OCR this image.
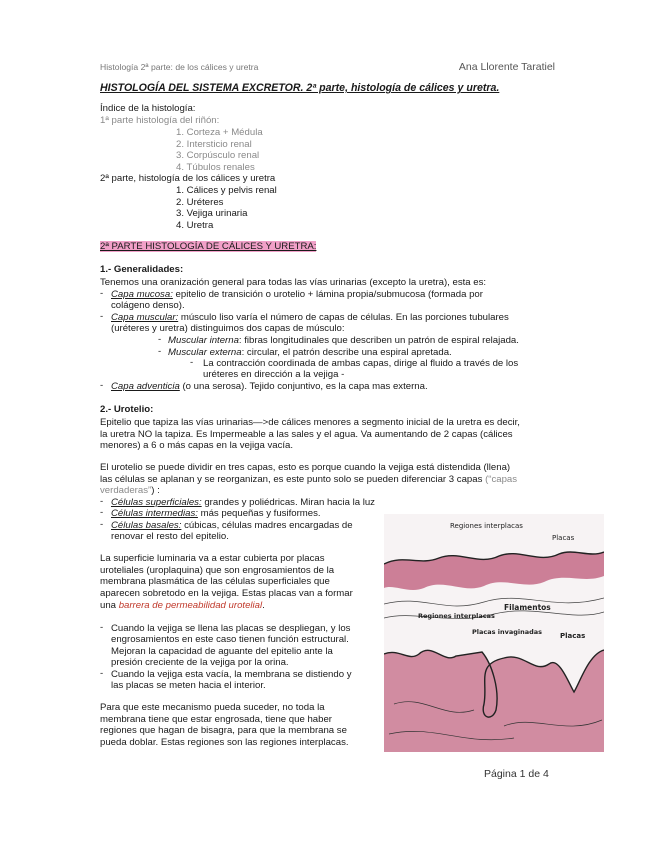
Histología 2ª parte: de los cálices y uretra	Ana Llorente Taratiel
HISTOLOGÍA DEL SISTEMA EXCRETOR. 2ª parte, histología de cálices y uretra.
Índice de la histología:
1ª parte histología del riñón:
1. Corteza + Médula
2. Intersticio renal
3. Corpúsculo renal
4. Túbulos renales
2ª parte, histología de los cálices y uretra
1. Cálices y pelvis renal
2. Uréteres
3. Vejiga urinaria
4. Uretra
2ª PARTE HISTOLOGÍA DE CÁLICES Y URETRA:
1.- Generalidades:
Tenemos una oranización general para todas las vías urinarias (excepto la uretra), esta es:
- Capa mucosa: epitelio de transición o urotelio + lámina propia/submucosa (formada por
colágeno denso).
- Capa muscular: músculo liso varía el número de capas de células. En las porciones tubulares
(uréteres y uretra) distinguimos dos capas de músculo:
- Muscular interna: fibras longitudinales que describen un patrón de espiral relajada.
- Muscular externa: circular, el patrón describe una espiral apretada.
- La contracción coordinada de ambas capas, dirige al fluido a través de los
uréteres en dirección a la vejiga -
- Capa adventicia (o una serosa). Tejido conjuntivo, es la capa mas externa.
2.- Urotelio:
Epitelio que tapiza las vías urinarias—>de cálices menores a segmento inicial de la uretra es decir,
la uretra NO la tapiza. Es Impermeable a las sales y el agua. Va aumentando de 2 capas (cálices
menores) a 6 o más capas en la vejiga vacía.
El urotelio se puede dividir en tres capas, esto es porque cuando la vejiga está distendida (llena)
las células se aplanan y se reorganizan, es este punto solo se pueden diferenciar 3 capas (“capas
verdaderas”) :
- Células superficiales: grandes y poliédricas. Miran hacia la luz
- Células intermedias: más pequeñas y fusiformes.
- Células basales: cúbicas, células madres encargadas de
renovar el resto del epitelio.
La superficie luminaria va a estar cubierta por placas
uroteliales (uroplaquina) que son engrosamientos de la
membrana plasmática de las células superficiales que
aparecen sobretodo en la vejiga. Estas placas van a formar
una barrera de permeabilidad urotelial.
- Cuando la vejiga se llena las placas se despliegan, y los
engrosamientos en este caso tienen función estructural.
Mejoran la capacidad de aguante del epitelio ante la
presión creciente de la vejiga por la orina.
- Cuando la vejiga esta vacía, la membrana se distiendo y
las placas se meten hacia el interior.
Para que este mecanismo pueda suceder, no toda la
membrana tiene que estar engrosada, tiene que haber
regiones que hagan de bisagra, para que la membrana se
pueda doblar. Estas regiones son las regiones interplacas.
Regiones interplacas
Placas
Filamentos
Regiones interplacas
Placas invaginadas	Placas
Página 1 de 4
